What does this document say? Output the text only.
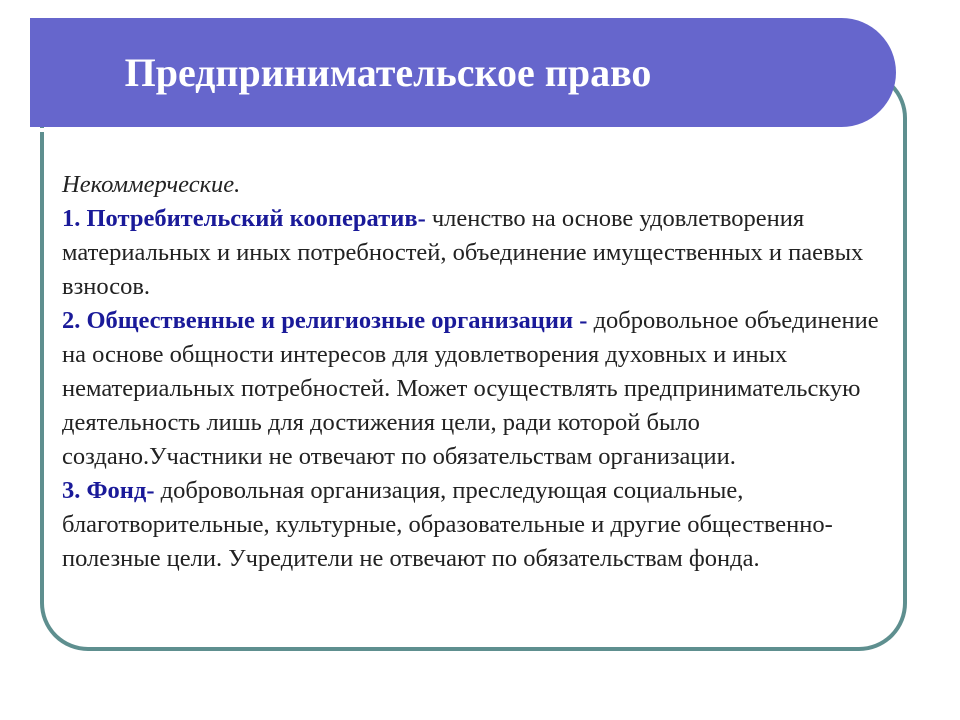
Предпринимательское право

Некоммерческие.

1. Потребительский кооператив- членство на основе удовлетворения материальных и иных потребностей, объединение имущественных и паевых взносов.

2. Общественные и религиозные организации - добровольное объединение на основе общности интересов для удовлетворения духовных и иных нематериальных потребностей. Может осуществлять предпринимательскую деятельность лишь для достижения цели, ради которой было создано.Участники не отвечают по обязательствам организации.

3. Фонд- добровольная организация, преследующая социальные, благотворительные, культурные, образовательные и другие общественно-полезные цели. Учредители не отвечают по обязательствам фонда.
